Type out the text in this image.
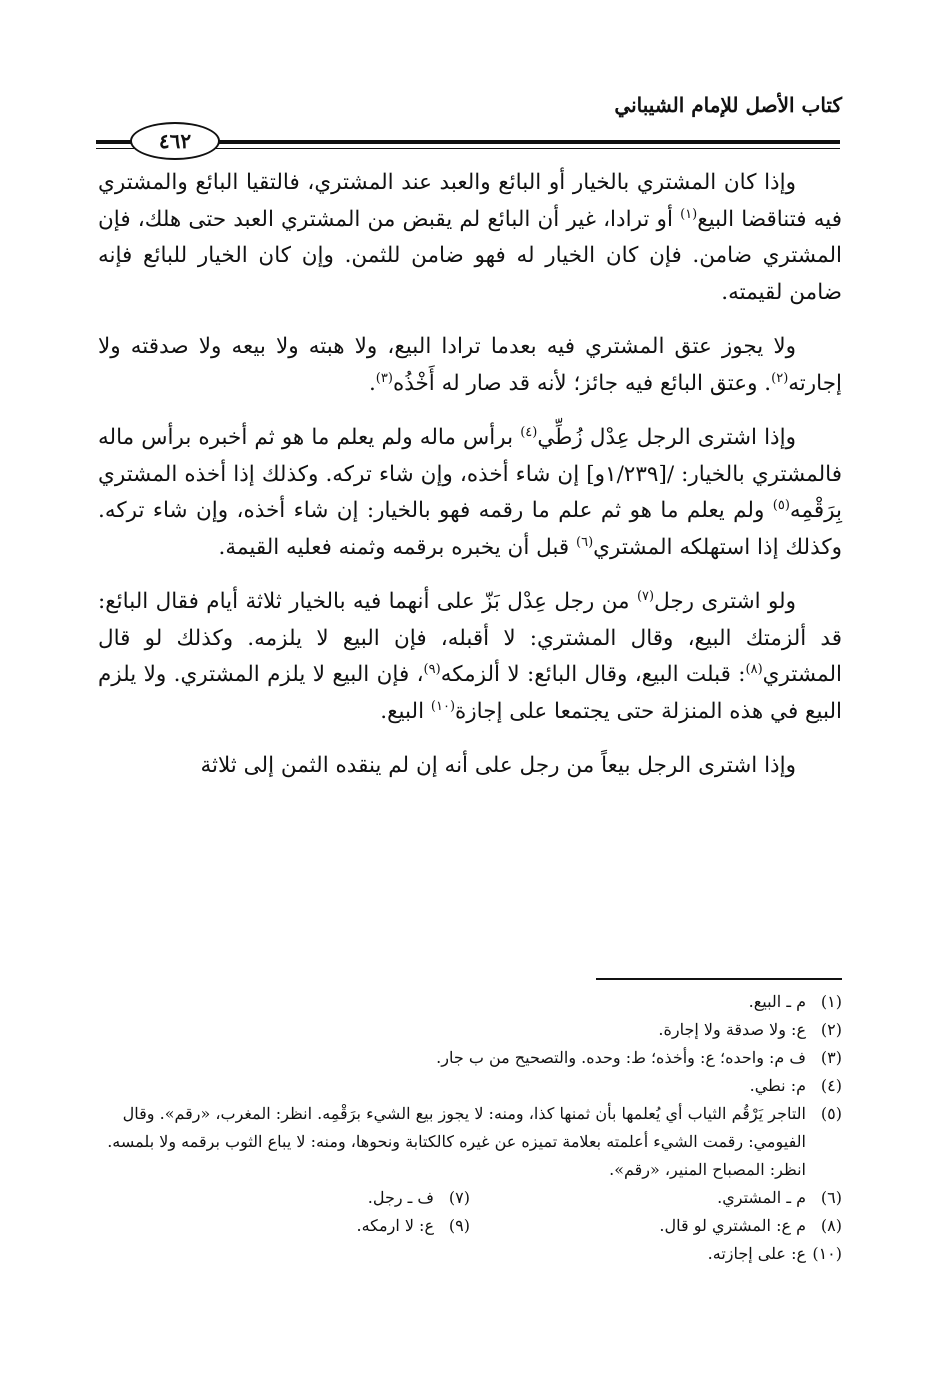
كتاب الأصل للإمام الشيباني
٤٦٢

وإذا كان المشتري بالخيار أو البائع والعبد عند المشتري، فالتقيا البائع والمشتري فيه فتناقضا البيع$^{(١)}$ أو ترادا، غير أن البائع لم يقبض من المشتري العبد حتى هلك، فإن المشتري ضامن. فإن كان الخيار له فهو ضامن للثمن. وإن كان الخيار للبائع فإنه ضامن لقيمته.

ولا يجوز عتق المشتري فيه بعدما ترادا البيع، ولا هبته ولا بيعه ولا صدقته ولا إجارته$^{(٢)}$. وعتق البائع فيه جائز؛ لأنه قد صار له أَخْذُه$^{(٣)}$.

وإذا اشترى الرجل عِدْل زُطِّي$^{(٤)}$ برأس ماله ولم يعلم ما هو ثم أخبره برأس ماله فالمشتري بالخيار: /[١/٢٣٩و] إن شاء أخذه، وإن شاء تركه. وكذلك إذا أخذه المشتري بِرَقْمِه$^{(٥)}$ ولم يعلم ما هو ثم علم ما رقمه فهو بالخيار: إن شاء أخذه، وإن شاء تركه. وكذلك إذا استهلكه المشتري$^{(٦)}$ قبل أن يخبره برقمه وثمنه فعليه القيمة.

ولو اشترى رجل$^{(٧)}$ من رجل عِدْل بَزّ على أنهما فيه بالخيار ثلاثة أيام فقال البائع: قد ألزمتك البيع، وقال المشتري: لا أقبله، فإن البيع لا يلزمه. وكذلك لو قال المشتري$^{(٨)}$: قبلت البيع، وقال البائع: لا ألزمكه$^{(٩)}$، فإن البيع لا يلزم المشتري. ولا يلزم البيع في هذه المنزلة حتى يجتمعا على إجازة$^{(١٠)}$ البيع.

وإذا اشترى الرجل بيعاً من رجل على أنه إن لم ينقده الثمن إلى ثلاثة

(١)
م ـ البيع.
(٢)
ع: ولا صدقة ولا إجارة.
(٣)
ف م: واحده؛ ع: وأخذه؛ ط: وحده. والتصحيح من ب جار.
(٤)
م: نطي.
(٥)
التاجر يَرْقُم الثياب أي يُعلمها بأن ثمنها كذا، ومنه: لا يجوز بيع الشيء برَقْمِه. انظر: المغرب، «رقم». وقال الفيومي: رقمت الشيء أعلمته بعلامة تميزه عن غيره كالكتابة ونحوها، ومنه: لا يباع الثوب برقمه ولا بلمسه. انظر: المصباح المنير، «رقم».
(٦)
م ـ المشتري.
(٧)
ف ـ رجل.
(٨)
م ع: المشتري لو قال.
(٩)
ع: لا ارمكه.
(١٠)
ع: على إجازته.
